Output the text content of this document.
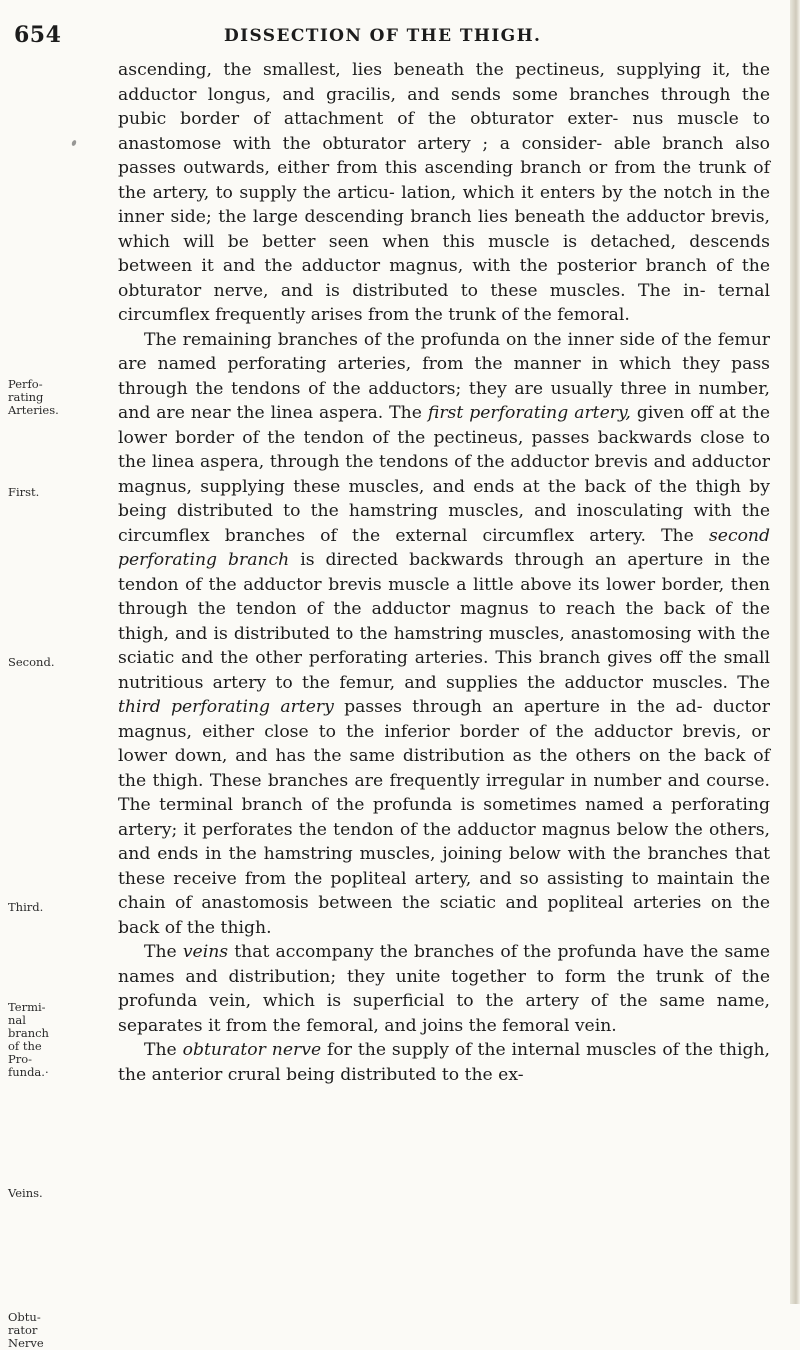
654	DISSECTION OF THE THIGH.
Perfo-
rating
Arteries.
First.
Second.
Third.
Termi-
nal
branch
of the
Pro-
funda.·
Veins.
Obtu-
rator
Nerve

ascending, the smallest, lies beneath the pectineus, supplying it, the adductor longus, and gracilis, and sends some branches through the pubic border of attachment of the obturator exter- nus muscle to anastomose with the obturator artery ; a consider- able branch also passes outwards, either from this ascending branch or from the trunk of the artery, to supply the articu- lation, which it enters by the notch in the inner side; the large descending branch lies beneath the adductor brevis, which will be better seen when this muscle is detached, descends between it and the adductor magnus, with the posterior branch of the obturator nerve, and is distributed to these muscles. The in- ternal circumflex frequently arises from the trunk of the femoral.

The remaining branches of the profunda on the inner side of the femur are named perforating arteries, from the manner in which they pass through the tendons of the adductors; they are usually three in number, and are near the linea aspera. The first perforating artery, given off at the lower border of the tendon of the pectineus, passes backwards close to the linea aspera, through the tendons of the adductor brevis and adductor magnus, supplying these muscles, and ends at the back of the thigh by being distributed to the hamstring muscles, and inosculating with the circumflex branches of the external circumflex artery. The second perforating branch is directed backwards through an aperture in the tendon of the adductor brevis muscle a little above its lower border, then through the tendon of the adductor magnus to reach the back of the thigh, and is distributed to the hamstring muscles, anastomosing with the sciatic and the other perforating arteries. This branch gives off the small nutritious artery to the femur, and supplies the adductor muscles. The third perforating artery passes through an aperture in the ad- ductor magnus, either close to the inferior border of the adductor brevis, or lower down, and has the same distribution as the others on the back of the thigh. These branches are frequently irregular in number and course. The terminal branch of the profunda is sometimes named a perforating artery; it perforates the tendon of the adductor magnus below the others, and ends in the hamstring muscles, joining below with the branches that these receive from the popliteal artery, and so assisting to maintain the chain of anastomosis between the sciatic and popliteal arteries on the back of the thigh.

The veins that accompany the branches of the profunda have the same names and distribution; they unite together to form the trunk of the profunda vein, which is superficial to the artery of the same name, separates it from the femoral, and joins the femoral vein.

The obturator nerve for the supply of the internal muscles of the thigh, the anterior crural being distributed to the ex-
